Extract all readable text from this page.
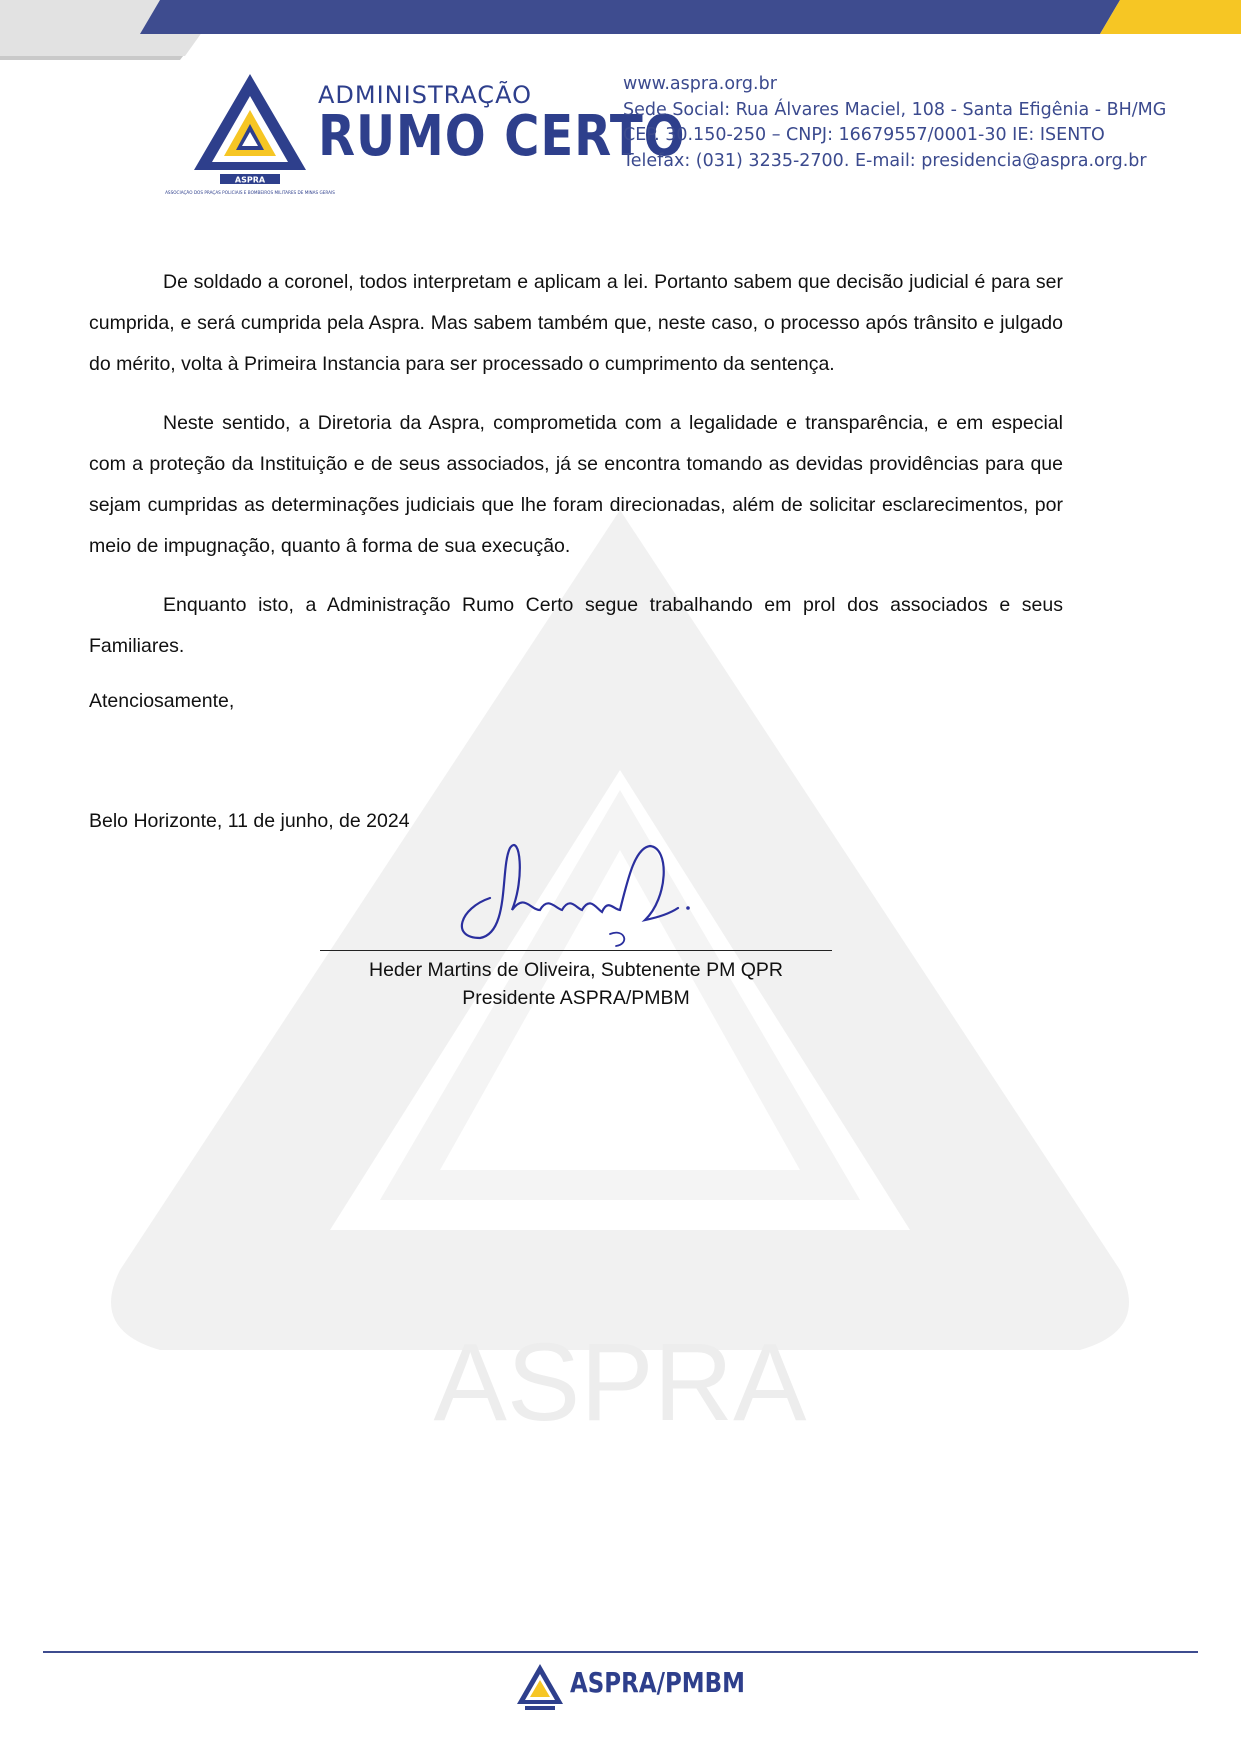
ASPRA
ASPRA
ASSOCIAÇÃO DOS PRAÇAS POLICIAIS E BOMBEIROS MILITARES DE MINAS GERAIS
ADMINISTRAÇÃO
RUMO CERTO
www.aspra.org.br
Sede Social: Rua Álvares Maciel, 108 - Santa Efigênia - BH/MG
CEP. 30.150-250 – CNPJ: 16679557/0001-30 IE: ISENTO
Telefax: (031) 3235-2700. E-mail: presidencia@aspra.org.br

De soldado a coronel, todos interpretam e aplicam a lei. Portanto sabem que decisão judicial é para ser cumprida, e será cumprida pela Aspra. Mas sabem também que, neste caso, o processo após trânsito e julgado do mérito, volta à Primeira Instancia para ser processado o cumprimento da sentença.

Neste sentido, a Diretoria da Aspra, comprometida com a legalidade e transparência, e em especial com a proteção da Instituição e de seus associados, já se encontra tomando as devidas providências para que sejam cumpridas as determinações judiciais que lhe foram direcionadas, além de solicitar esclarecimentos, por meio de impugnação, quanto â forma de sua execução.

Enquanto isto, a Administração Rumo Certo segue trabalhando em prol dos associados e seus Familiares.

Atenciosamente,
Belo Horizonte, 11 de junho, de 2024
Heder Martins de Oliveira, Subtenente PM QPR
Presidente ASPRA/PMBM
ASPRA/PMBM
